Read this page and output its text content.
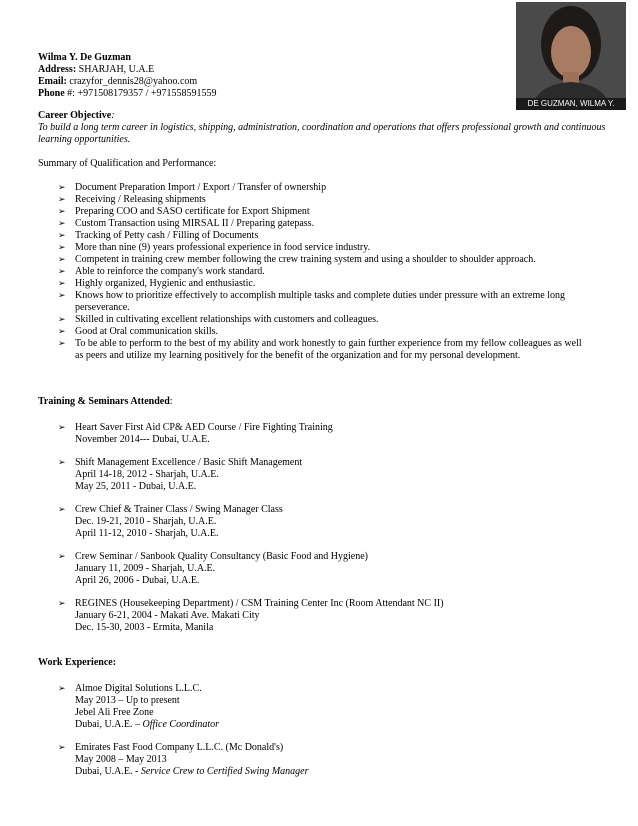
Wilma Y. De Guzman
Address: SHARJAH, U.A.E
Email: crazyfor_dennis28@yahoo.com
Phone #: +971508179357 / +971558591559
DE GUZMAN, WILMA Y.
Career Objective:
To build a long term career in logistics, shipping, administration, coordination and operations that offers professional growth and continuous learning opportunities.
Summary of Qualification and Performance:
➢ Document Preparation Import / Export / Transfer of ownership
➢ Receiving / Releasing shipments
➢ Preparing COO and SASO certificate for Export Shipment
➢ Custom Transaction using MIRSAL II / Preparing gatepass.
➢ Tracking of Petty cash / Filling of Documents
➢ More than nine (9) years professional experience in food service industry.
➢ Competent in training crew member following the crew training system and using a shoulder to shoulder approach.
➢ Able to reinforce the company's work standard.
➢ Highly organized, Hygienic and enthusiastic.
➢ Knows how to prioritize effectively to accomplish multiple tasks and complete duties under pressure with an extreme long perseverance.
➢ Skilled in cultivating excellent relationships with customers and colleagues.
➢ Good at Oral communication skills.
➢ To be able to perform to the best of my ability and work honestly to gain further experience from my fellow colleagues as well as peers and utilize my learning positively for the benefit of the organization and for my personal development.
Training & Seminars Attended:
➢ Heart Saver First Aid CP& AED Course / Fire Fighting Training
November 2014--- Dubai, U.A.E.
➢ Shift Management Excellence / Basic Shift Management
April 14-18, 2012 - Sharjah, U.A.E.
May 25, 2011 - Dubai, U.A.E.
➢ Crew Chief & Trainer Class / Swing Manager Class
Dec. 19-21, 2010 - Sharjah, U.A.E.
April 11-12, 2010 - Sharjah, U.A.E.
➢ Crew Seminar / Sanbook Quality Consultancy (Basic Food and Hygiene)
January 11, 2009 - Sharjah, U.A.E.
April 26, 2006 - Dubai, U.A.E.
➢ REGINES (Housekeeping Department) / CSM Training Center Inc (Room Attendant NC II)
January 6-21, 2004 - Makati Ave. Makati City
Dec. 15-30, 2003 - Ermita, Manila
Work Experience:
➢ Almoe Digital Solutions L.L.C.
May 2013 – Up to present
Jebel Ali Free Zone
Dubai, U.A.E. – Office Coordinator
➢ Emirates Fast Food Company L.L.C. (Mc Donald's)
May 2008 – May 2013
Dubai, U.A.E. - Service Crew to Certified Swing Manager
